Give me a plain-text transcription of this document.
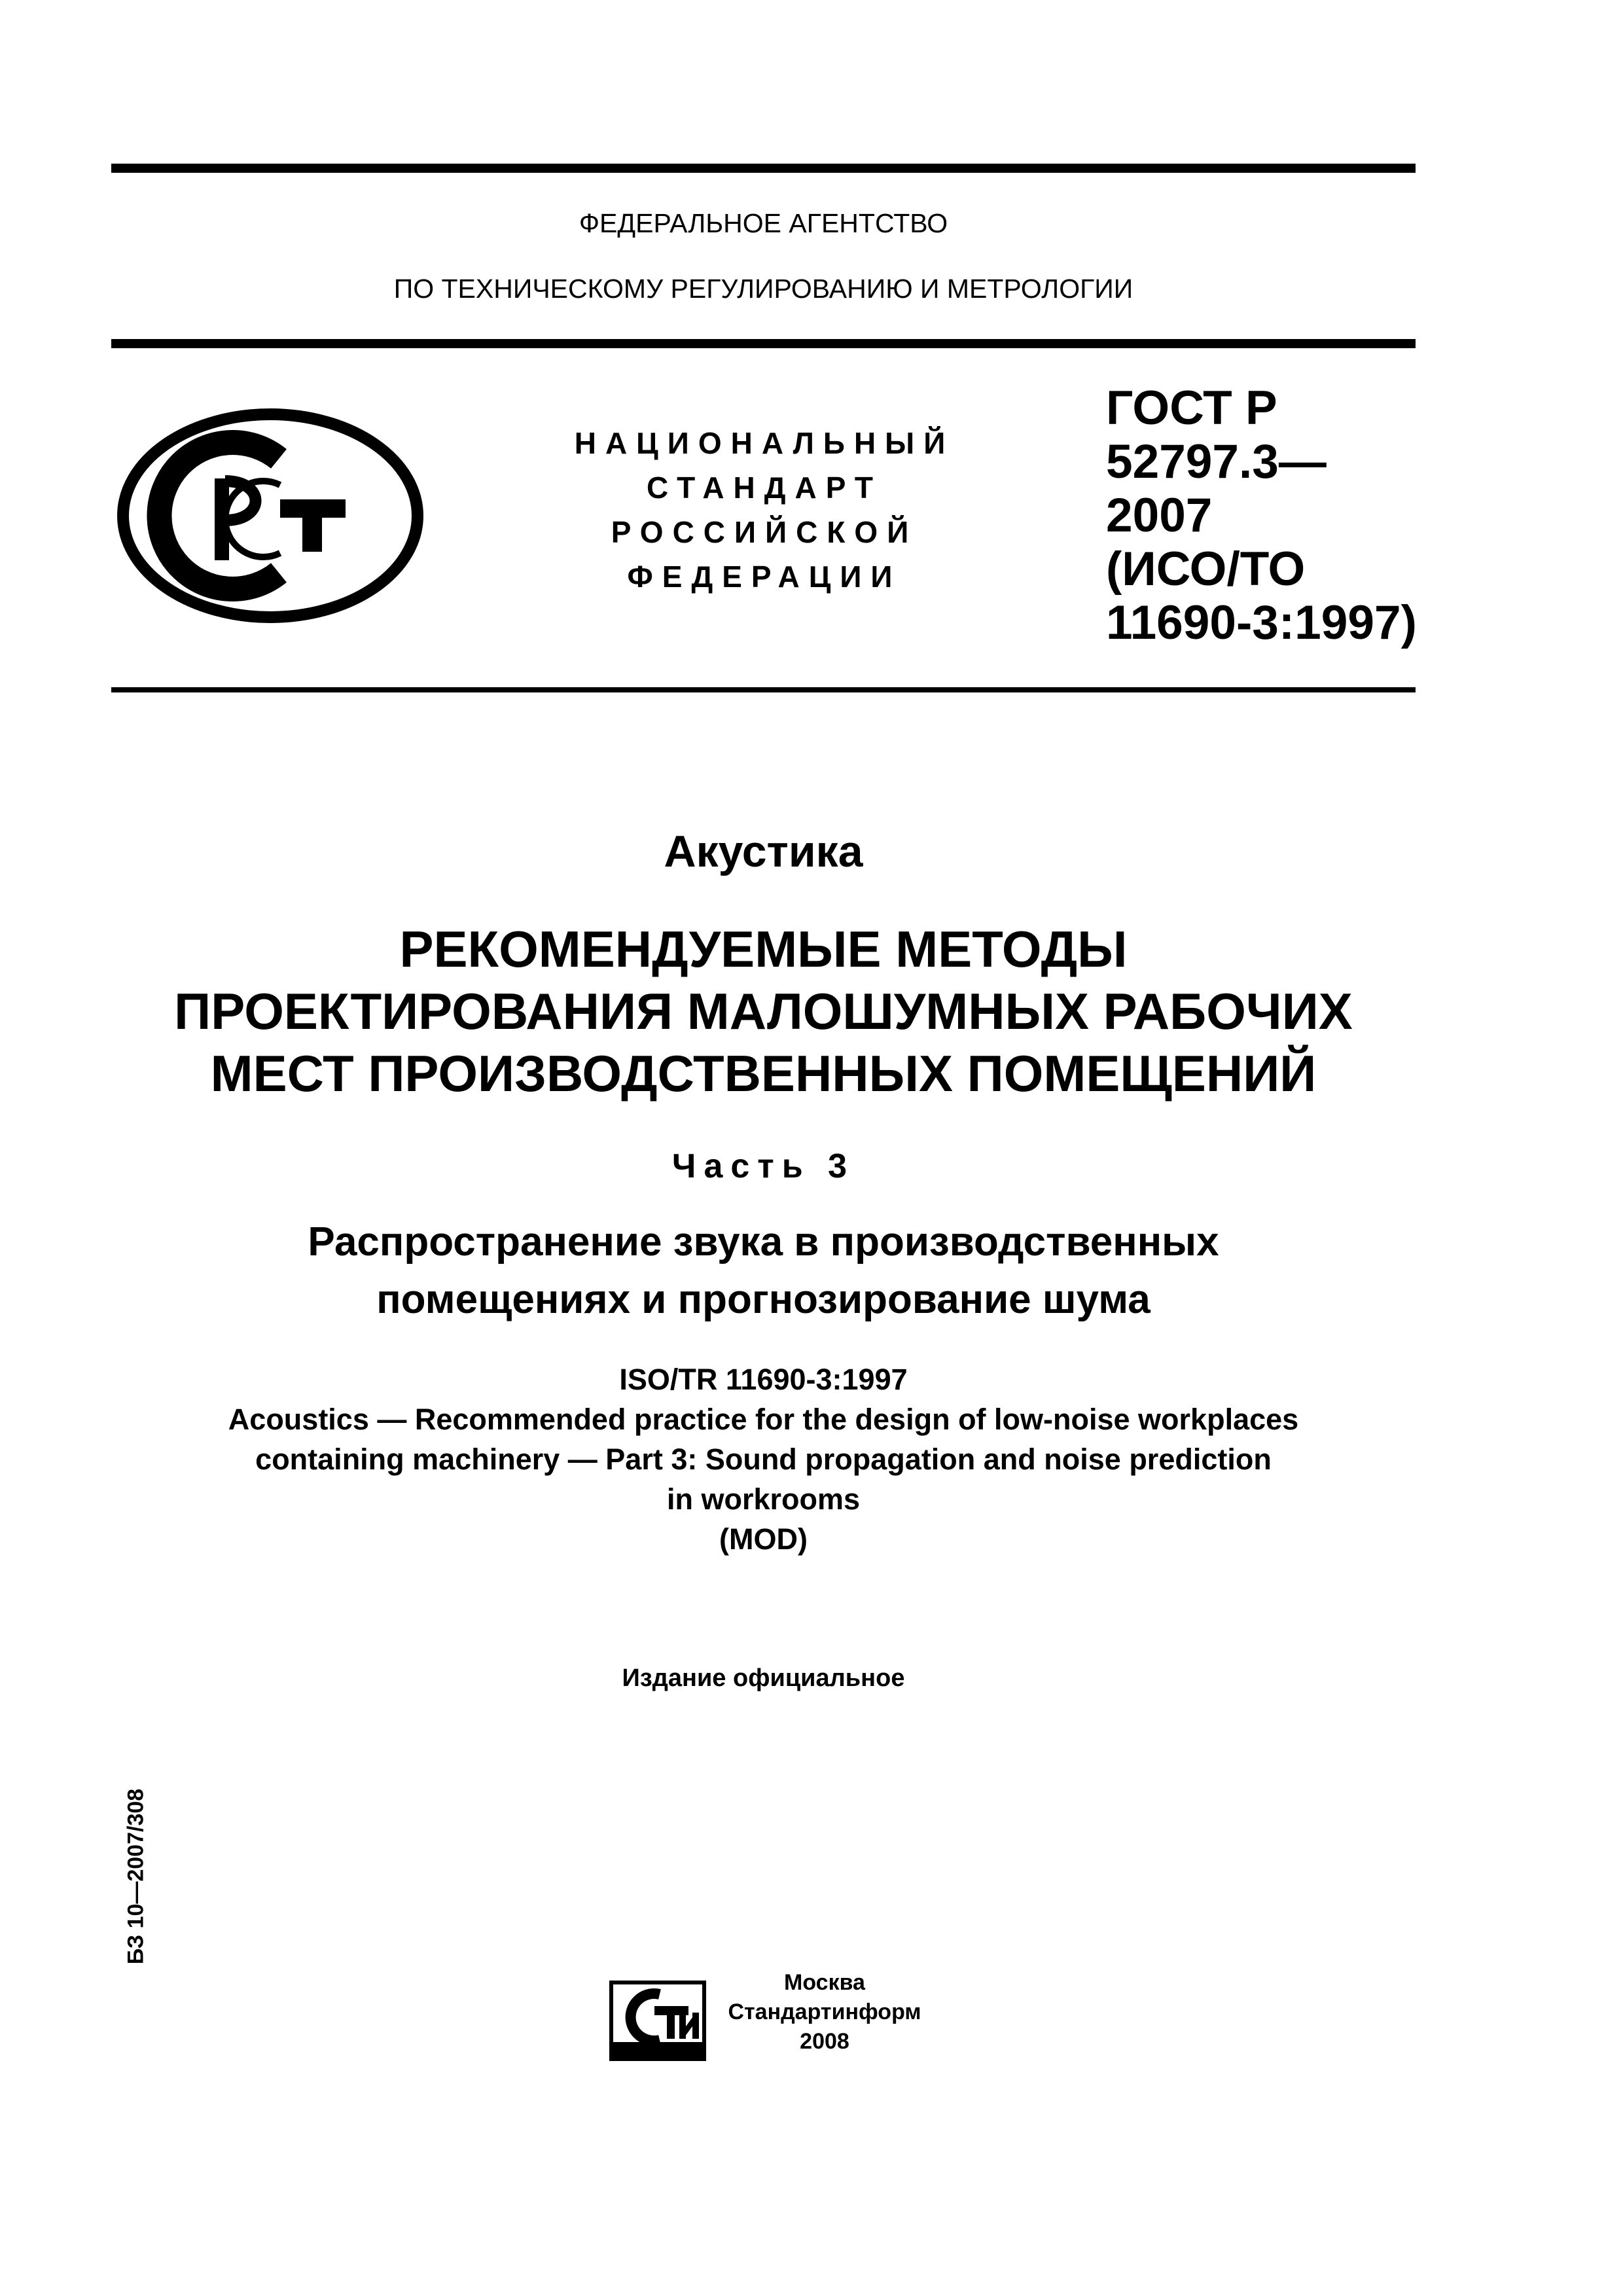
ФЕДЕРАЛЬНОЕ АГЕНТСТВО
ПО ТЕХНИЧЕСКОМУ РЕГУЛИРОВАНИЮ И МЕТРОЛОГИИ
НАЦИОНАЛЬНЫЙ
СТАНДАРТ
РОССИЙСКОЙ
ФЕДЕРАЦИИ
ГОСТ Р
52797.3—
2007
(ИСО/ТО
11690-3:1997)
Акустика
РЕКОМЕНДУЕМЫЕ МЕТОДЫ
ПРОЕКТИРОВАНИЯ МАЛОШУМНЫХ РАБОЧИХ
МЕСТ ПРОИЗВОДСТВЕННЫХ ПОМЕЩЕНИЙ
Часть 3
Распространение звука в производственных
помещениях и прогнозирование шума
ISO/TR 11690-3:1997
Acoustics — Recommended practice for the design of low-noise workplaces
containing machinery — Part 3: Sound propagation and noise prediction
in workrooms
(MOD)
Издание официальное
БЗ 10—2007/308
Москва
Стандартинформ
2008
